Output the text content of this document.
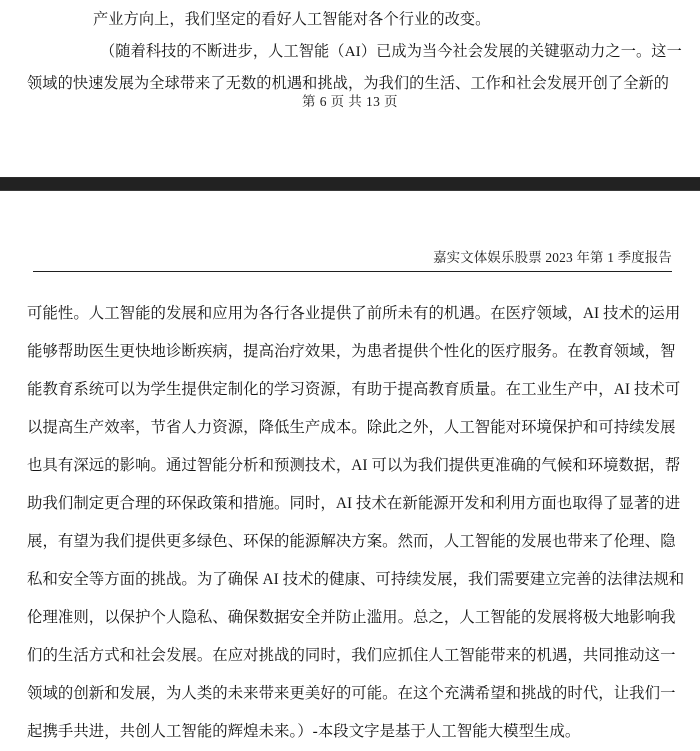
产业方向上，我们坚定的看好人工智能对各个行业的改变。
（随着科技的不断进步，人工智能（AI）已成为当今社会发展的关键驱动力之一。这一
领域的快速发展为全球带来了无数的机遇和挑战，为我们的生活、工作和社会发展开创了全新的
第 6 页 共 13 页
嘉实文体娱乐股票 2023 年第 1 季度报告
可能性。人工智能的发展和应用为各行各业提供了前所未有的机遇。在医疗领域，AI 技术的运用
能够帮助医生更快地诊断疾病，提高治疗效果，为患者提供个性化的医疗服务。在教育领域，智
能教育系统可以为学生提供定制化的学习资源，有助于提高教育质量。在工业生产中，AI 技术可
以提高生产效率，节省人力资源，降低生产成本。除此之外，人工智能对环境保护和可持续发展
也具有深远的影响。通过智能分析和预测技术，AI 可以为我们提供更准确的气候和环境数据，帮
助我们制定更合理的环保政策和措施。同时，AI 技术在新能源开发和利用方面也取得了显著的进
展，有望为我们提供更多绿色、环保的能源解决方案。然而，人工智能的发展也带来了伦理、隐
私和安全等方面的挑战。为了确保 AI 技术的健康、可持续发展，我们需要建立完善的法律法规和
伦理准则，以保护个人隐私、确保数据安全并防止滥用。总之，人工智能的发展将极大地影响我
们的生活方式和社会发展。在应对挑战的同时，我们应抓住人工智能带来的机遇，共同推动这一
领域的创新和发展，为人类的未来带来更美好的可能。在这个充满希望和挑战的时代，让我们一
起携手共进，共创人工智能的辉煌未来。）-本段文字是基于人工智能大模型生成。
